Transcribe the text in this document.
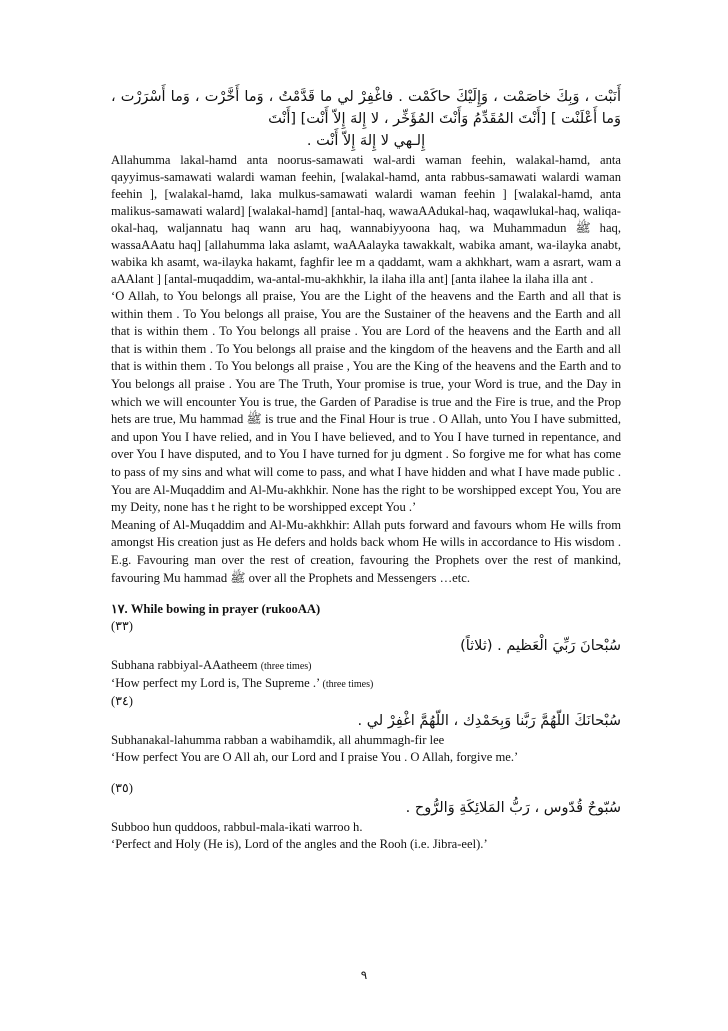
أَنَبْت ، وَبِكَ خاصَمْت ، وَإِلَيْكَ حاكَمْت . فاغْفِرْ لي ما قَدَّمْتُ ، وَما أَخَّرْت ، وَما أَسْرَرْت ، وَما أَعْلَنْت ] [أَنْتَ المُقَدِّمُ وَأَنْتَ المُؤَخِّر ، لا إِلهَ إِلاّ أَنْت] [أَنْتَ

إِلـهي لا إِلهَ إِلاّ أَنْت .

Allahumma lakal-hamd anta noorus-samawati wal-ardi waman feehin, walakal-hamd, anta qayyimus-samawati walardi waman feehin, [walakal-hamd, anta rabbus-samawati walardi waman feehin ], [walakal-hamd, laka mulkus-samawati walardi waman feehin ] [walakal-hamd, anta malikus-samawati walard] [walakal-hamd] [antal-haq, wawaAAdukal-haq, waqawlukal-haq, waliqa-okal-haq, waljannatu haq wann aru haq, wannabiyyoona haq, wa Muhammadun ﷺ haq, wassaAAatu haq] [allahumma laka aslamt, waAAalayka tawakkalt, wabika amant, wa-ilayka anabt, wabika kh asamt, wa-ilayka hakamt, faghfir lee m a qaddamt, wam a akhkhart, wam a asrart, wam a aAAlant ] [antal-muqaddim, wa-antal-mu-akhkhir, la ilaha illa ant] [anta ilahee la ilaha illa ant .

‘O Allah, to You belongs all praise, You are the Light of the heavens and the Earth and all that is within them . To You belongs all praise, You are the Sustainer of the heavens and the Earth and all that is within them . To You belongs all praise . You are Lord of the heavens and the Earth and all that is within them . To You belongs all praise and the kingdom of the heavens and the Earth and all that is within them . To You belongs all praise , You are the King of the heavens and the Earth and to You belongs all praise . You are The Truth, Your promise is true, your Word is true, and the Day in which we will encounter You is true, the Garden of Paradise is true and the Fire is true, and the Prop hets are true, Mu hammad ﷺ is true and the Final Hour is true . O Allah, unto You I have submitted, and upon You I have relied, and in You I have believed, and to You I have turned in repentance, and over You I have disputed, and to You I have turned for ju dgment . So forgive me for what has come to pass of my sins and what will come to pass, and what I have hidden and what I have made public . You are Al-Muqaddim and Al-Mu-akhkhir. None has the right to be worshipped except You, You are my Deity, none has t he right to be worshipped except You .’

Meaning of Al-Muqaddim and Al-Mu-akhkhir: Allah puts forward and favours whom He wills from amongst His creation just as He defers and holds back whom He wills in accordance to His wisdom . E.g. Favouring man over the rest of creation, favouring the Prophets over the rest of mankind, favouring Mu hammad ﷺ over all the Prophets and Messengers …etc.

١٧. While bowing in prayer (rukooAA)

(٣٣)

سُبْحانَ رَبِّيَ الْعَظيم . (ثلاثاً)

Subhana rabbiyal-AAatheem (three times)

‘How perfect my Lord is, The Supreme .’ (three times)

(٣٤)

سُبْحانَكَ اللّهُمَّ رَبَّنا وَبِحَمْدِك ، اللّهُمَّ اغْفِرْ لي .

Subhanakal-lahumma rabban a wabihamdik, all ahummagh-fir lee

‘How perfect You are O All ah, our Lord and I praise You . O Allah, forgive me.’

(٣٥)

سُبّوحٌ قُدّوس ، رَبُّ المَلائِكَةِ وَالرُّوح .

Subboo hun quddoos, rabbul-mala-ikati warroo h.

‘Perfect and Holy (He is), Lord of the angles and the Rooh (i.e. Jibra-eel).’

٩
